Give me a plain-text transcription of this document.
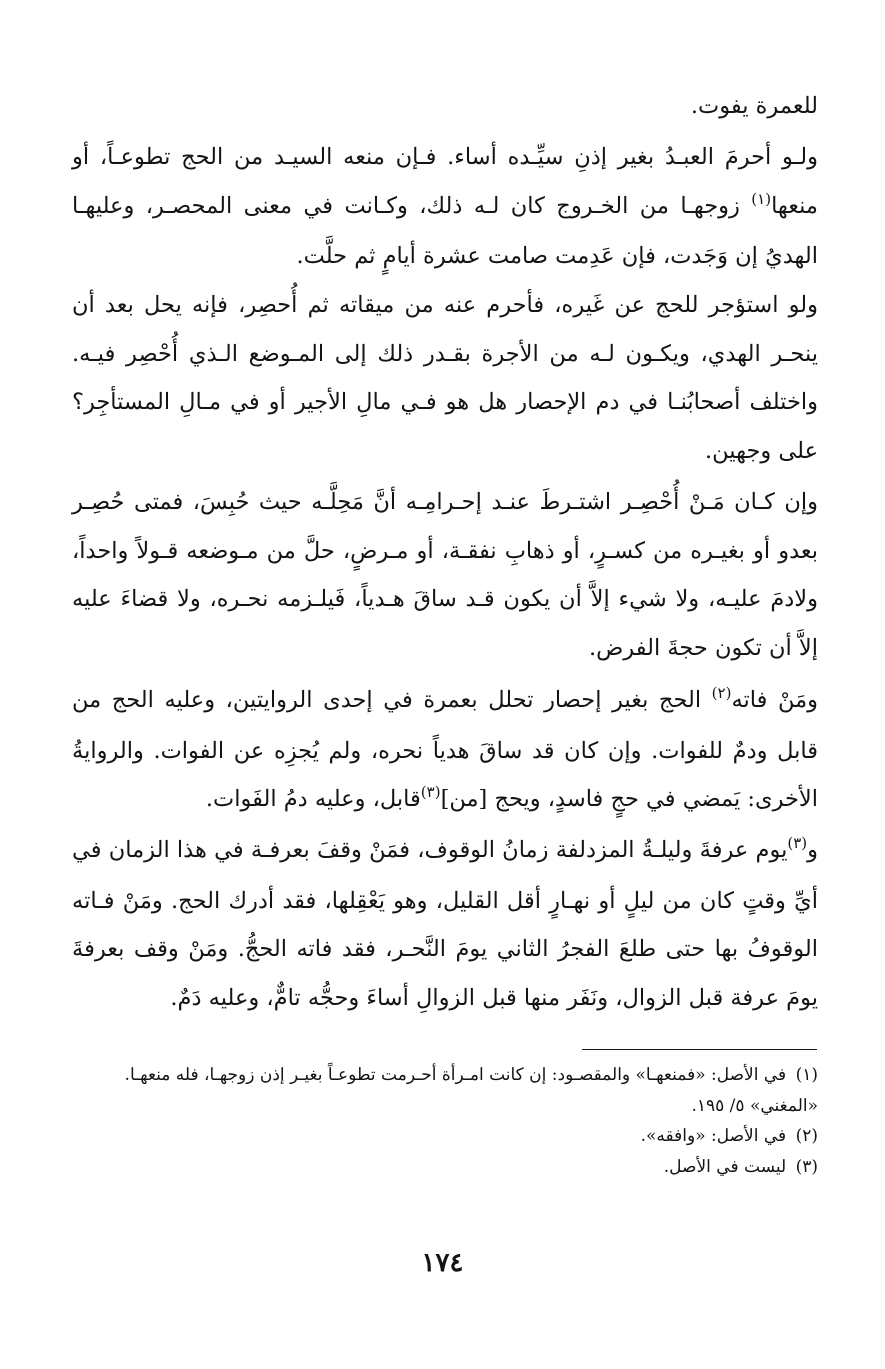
للعمرة يفوت.

ولـو أحرمَ العبـدُ بغير إذنِ سيِّـده أساء. فـإن منعه السيـد من الحج تطوعـاً، أو منعها$^{(١)}$ زوجهـا من الخـروج كان لـه ذلك، وكـانت في معنى المحصـر، وعليهـا الهديُ إن وَجَدت، فإن عَدِمت صامت عشرة أيامٍ ثم حلَّت.

ولو استؤجر للحج عن غَيره، فأحرم عنه من ميقاته ثم أُحصِر، فإنه يحل بعد أن ينحـر الهدي، ويكـون لـه من الأجرة بقـدر ذلك إلى المـوضع الـذي أُحْصِر فيـه. واختلف أصحابُنـا في دم الإحصار هل هو فـي مالِ الأجير أو في مـالِ المستأجِر؟ على وجهين.

وإن كـان مَـنْ أُحْصِـر اشتـرطَ عنـد إحـرامِـه أنَّ مَحِلَّـه حيث حُبِسَ، فمتى حُصِـر بعدو أو بغيـره من كسـرٍ، أو ذهابِ نفقـة، أو مـرضٍ، حلَّ من مـوضعه قـولاً واحداً، ولادمَ عليـه، ولا شيء إلاَّ أن يكون قـد ساقَ هـدياً، فَيلـزمه نحـره، ولا قضاءَ عليه إلاَّ أن تكون حجةَ الفرض.

ومَنْ فاته$^{(٢)}$ الحج بغير إحصار تحلل بعمرة في إحدى الروايتين، وعليه الحج من قابل ودمٌ للفوات. وإن كان قد ساقَ هدياً نحره، ولم يُجزِه عن الفوات. والروايةُ الأخرى: يَمضي في حجٍ فاسدٍ، ويحج [من]$^{(٣)}$قابل، وعليه دمُ الفَوات.

و$^{(٣)}$يوم عرفةَ وليلـةُ المزدلفة زمانُ الوقوف، فمَنْ وقفَ بعرفـة في هذا الزمان في أيِّ وقتٍ كان من ليلٍ أو نهـارٍ أقل القليل، وهو يَعْقِلها، فقد أدرك الحج. ومَنْ فـاته الوقوفُ بها حتى طلعَ الفجرُ الثاني يومَ النَّحـر، فقد فاته الحجُّ. ومَنْ وقف بعرفةَ يومَ عرفة قبل الزوال، ونَفَر منها قبل الزوالِ أساءَ وحجُّه تامٌّ، وعليه دَمٌ.

(١) في الأصل: «فمنعهـا» والمقصـود: إن كانت امـرأة أحـرمت تطوعـاً بغيـر إذن زوجهـا، فله منعهـا. «المغني» ٥/ ١٩٥.

(٢) في الأصل: «وافقه».

(٣) ليست في الأصل.

١٧٤
